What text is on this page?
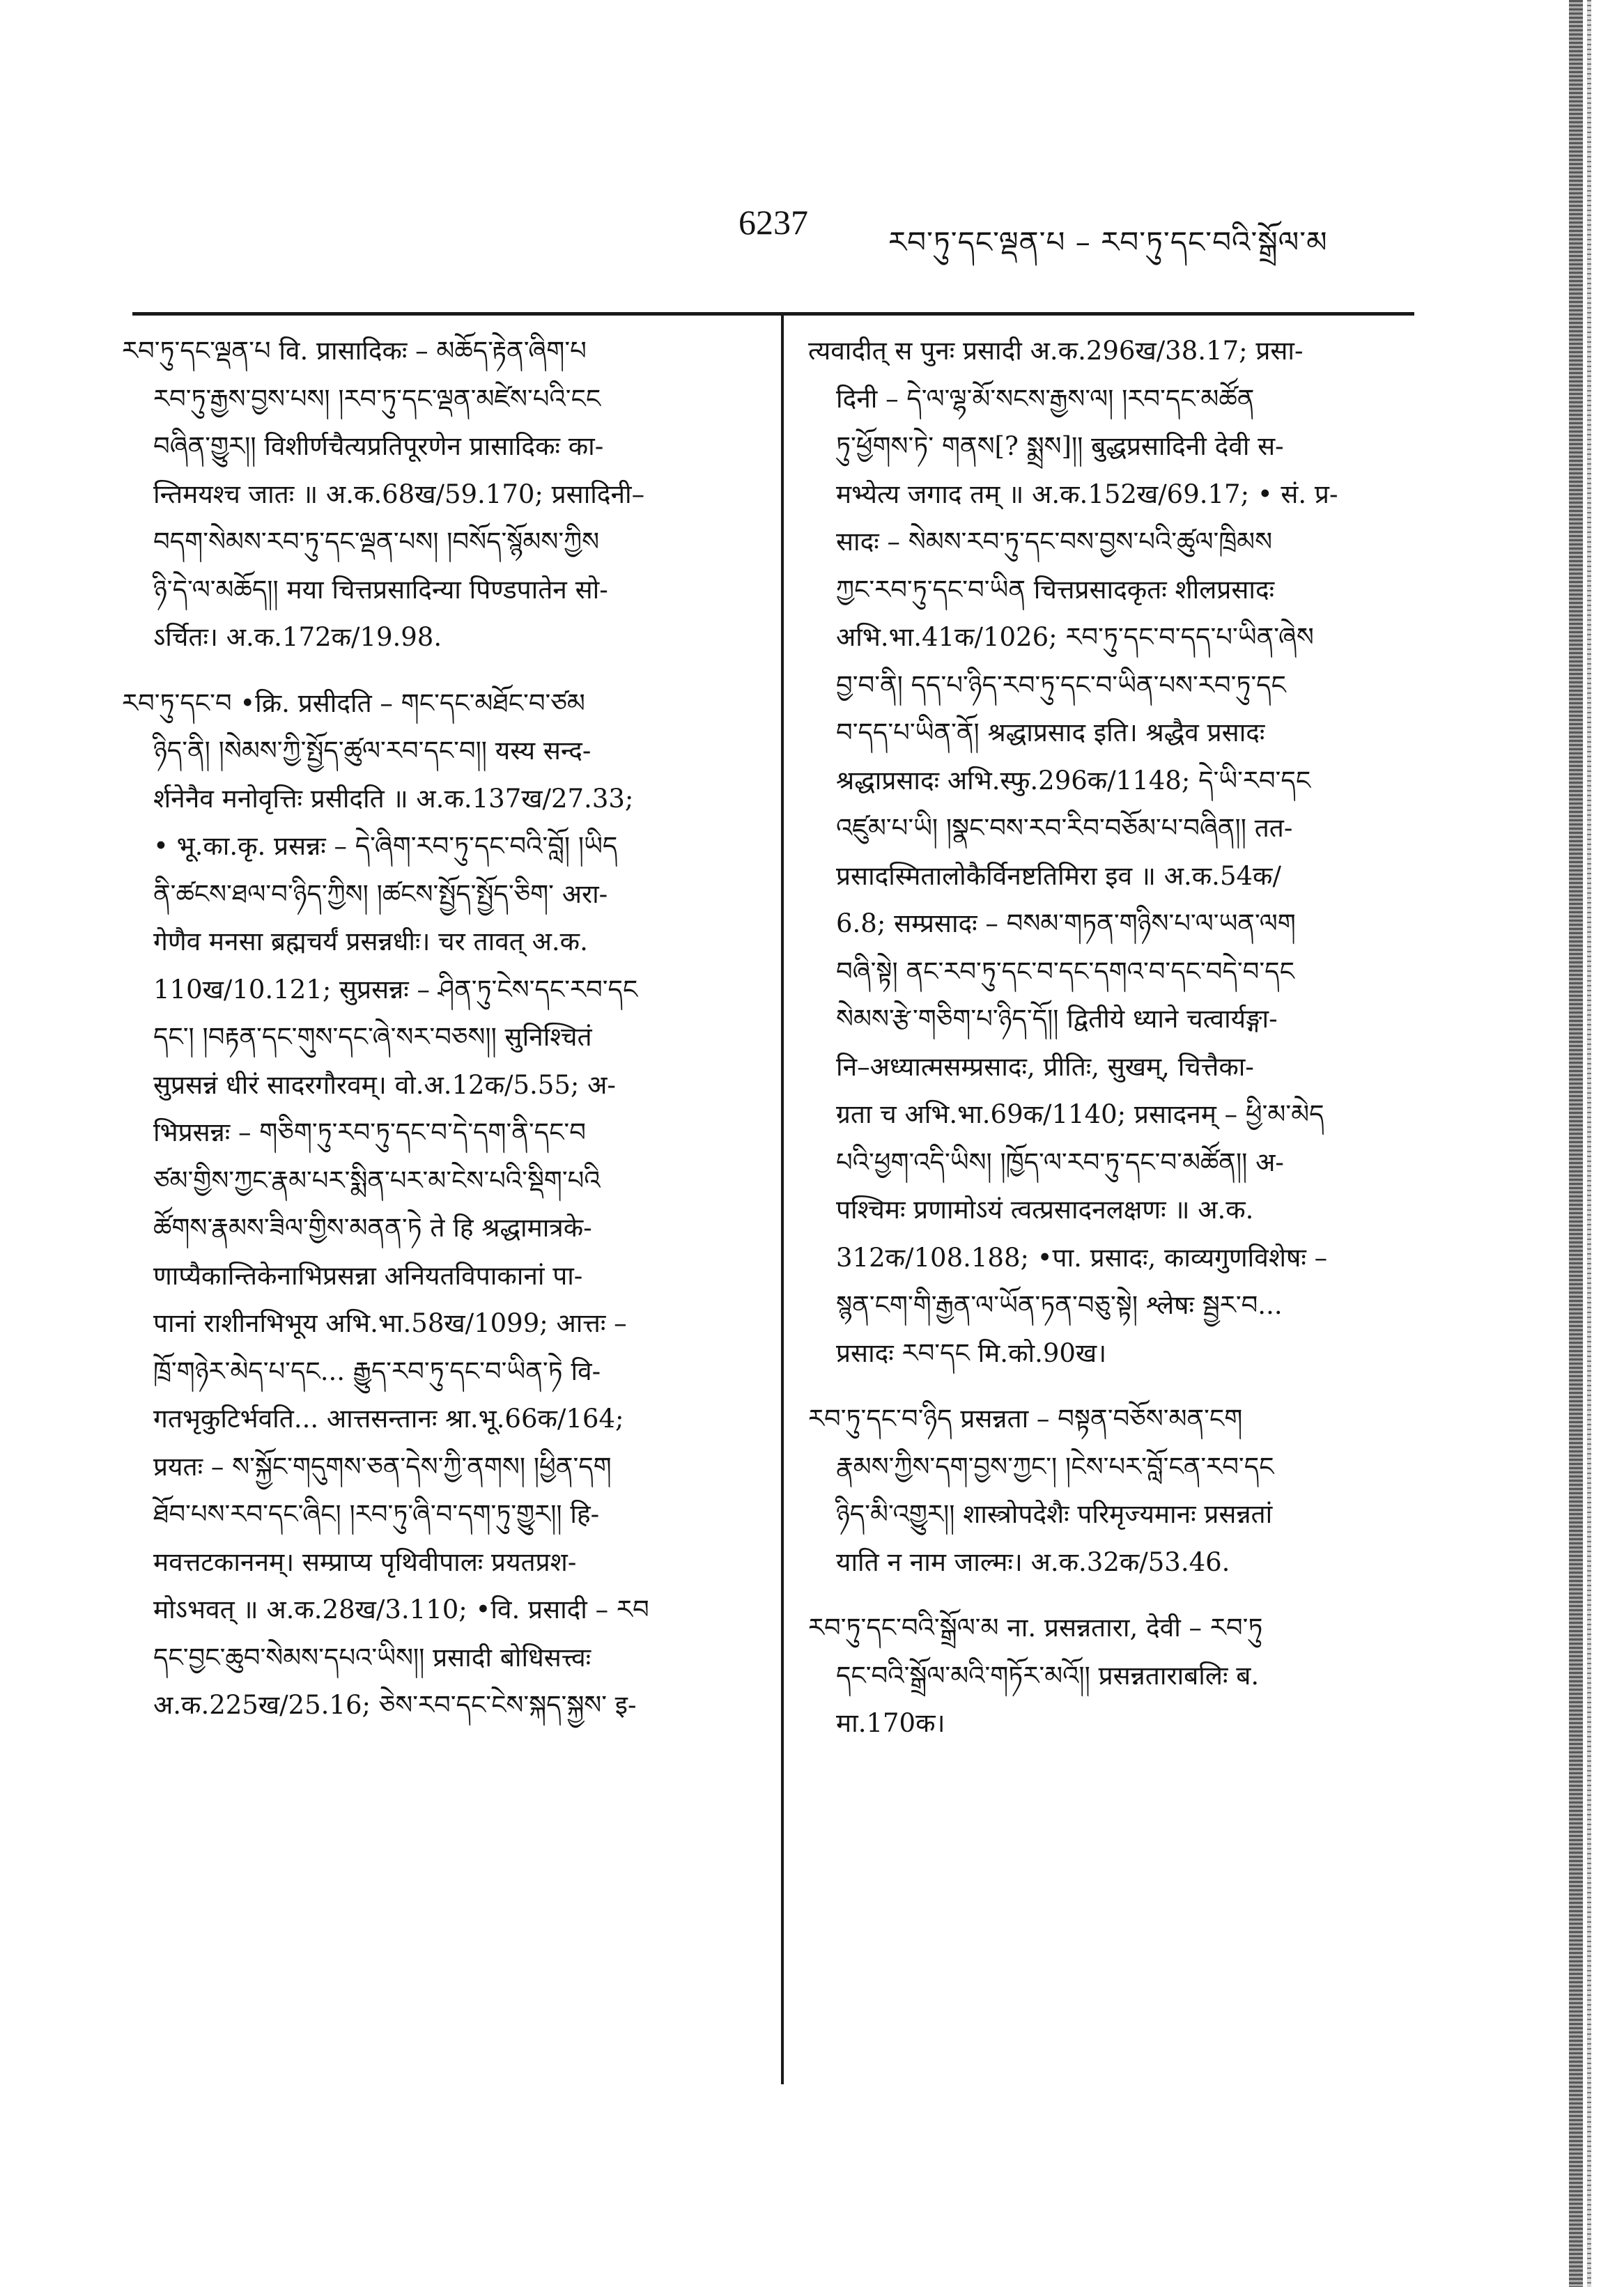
6237
རབ་ཏུ་དང་ལྡན་པ – རབ་ཏུ་དང་བའི་སྒྲོལ་མ
རབ་ཏུ་དང་ལྡན་པ वि. प्रासादिकः – མཆོད་རྟེན་ཞིག་པ
རབ་ཏུ་རྒྱས་བྱས་པས། །རབ་ཏུ་དང་ལྡན་མཛེས་པའི་ངང
བཞིན་གྱུར།། विशीर्णचैत्यप्रतिपूरणेन प्रासादिकः का-
न्तिमयश्च जातः ॥ अ.क.68ख/59.170; प्रसादिनी–
བདག་སེམས་རབ་ཏུ་དང་ལྡན་པས། །བསོད་སྙོམས་ཀྱིས
ཉི་དེ་ལ་མཆོད།། मया चित्तप्रसादिन्या पिण्डपातेन सो-
ऽर्चितः। अ.क.172क/19.98.
རབ་ཏུ་དང་བ •क्रि. प्रसीदति – གང་དང་མཐོང་བ་ཙམ
ཉིད་ནི། །སེམས་ཀྱི་སྤྱོད་ཚུལ་རབ་དང་བ།། यस्य सन्द-
र्शनेनैव मनोवृत्तिः प्रसीदति ॥ अ.क.137ख/27.33;
• भू.का.कृ. प्रसन्नः – དེ་ཞིག་རབ་ཏུ་དང་བའི་བློ། །ཡིད
ནི་ཚངས་ཐལ་བ་ཉིད་ཀྱིས། །ཚངས་སྤྱོད་སྤྱོད་ཅིག་ अरा-
गेणैव मनसा ब्रह्मचर्यं प्रसन्नधीः। चर तावत् अ.क.
110ख/10.121; सुप्रसन्नः – ཤིན་ཏུ་ངེས་དང་རབ་དང
དང་། །བརྟན་དང་གུས་དང་ཞེ་སར་བཅས།། सुनिश्चितं
सुप्रसन्नं धीरं सादरगौरवम्। वो.अ.12क/5.55; अ-
भिप्रसन्नः – གཅིག་ཏུ་རབ་ཏུ་དང་བ་དེ་དག་ནི་དང་བ
ཙམ་གྱིས་ཀྱང་རྣམ་པར་སྨིན་པར་མ་ངེས་པའི་སྡིག་པའི
ཚོགས་རྣམས་ཟིལ་གྱིས་མནན་ཏེ ते हि श्रद्धामात्रके-
णाप्यैकान्तिकेनाभिप्रसन्ना अनियतविपाकानां पा-
पानां राशीनभिभूय अभि.भा.58ख/1099; आत्तः –
ཁྲོ་གཉེར་མེད་པ་དང... རྒྱུད་རབ་ཏུ་དང་བ་ཡིན་ཏེ वि-
गतभृकुटिर्भवति... आत्तसन्तानः श्रा.भू.66क/164;
प्रयतः – ས་སྐྱོང་གདུགས་ཅན་དེས་ཀྱི་ནགས། །ཕྱིན་དག
ཐོབ་པས་རབ་དང་ཞིང། །རབ་ཏུ་ཞི་བ་དག་ཏུ་གྱུར།། हि-
मवत्तटकाननम्। सम्प्राप्य पृथिवीपालः प्रयतप्रश-
मोऽभवत् ॥ अ.क.28ख/3.110; •वि. प्रसादी – རབ
དང་བྱང་ཆུབ་སེམས་དཔའ་ཡིས།། प्रसादी बोधिसत्त्वः
अ.क.225ख/25.16; ཅེས་རབ་དང་ངེས་སྐད་སྐྱས་ इ-
त्यवादीत् स पुनः प्रसादी अ.क.296ख/38.17; प्रसा-
दिनी – དེ་ལ་ལྷ་མོ་སངས་རྒྱས་ལ། །རབ་དང་མཚོན
ཏུ་ཕྱོགས་ཏེ་ གནས[? སྨྲས]།། बुद्धप्रसादिनी देवी स-
मभ्येत्य जगाद तम् ॥ अ.क.152ख/69.17; • सं. प्र-
सादः – སེམས་རབ་ཏུ་དང་བས་བྱས་པའི་ཚུལ་ཁྲིམས
ཀྱང་རབ་ཏུ་དང་བ་ཡིན चित्तप्रसादकृतः शीलप्रसादः
अभि.भा.41क/1026; རབ་ཏུ་དང་བ་དད་པ་ཡིན་ཞེས
བྱ་བ་ནི། དད་པ་ཉིད་རབ་ཏུ་དང་བ་ཡིན་པས་རབ་ཏུ་དང
བ་དད་པ་ཡིན་ནོ། श्रद्धाप्रसाद इति। श्रद्धैव प्रसादः
श्रद्धाप्रसादः अभि.स्फु.296क/1148; དེ་ཡི་རབ་དང
འཛུམ་པ་ཡི། །སྣང་བས་རབ་རིབ་བཅོམ་པ་བཞིན།། तत-
प्रसादस्मितालोकैर्विनष्टतिमिरा इव ॥ अ.क.54क/
6.8; सम्प्रसादः – བསམ་གཏན་གཉིས་པ་ལ་ཡན་ལག
བཞི་སྟེ། ནང་རབ་ཏུ་དང་བ་དང་དགའ་བ་དང་བདེ་བ་དང
སེམས་རྩེ་གཅིག་པ་ཉིད་དོ།། द्वितीये ध्याने चत्वार्यङ्गा-
नि–अध्यात्मसम्प्रसादः, प्रीतिः, सुखम्, चित्तैका-
ग्रता च अभि.भा.69क/1140; प्रसादनम् – ཕྱི་མ་མེད
པའི་ཕྱག་འདི་ཡིས། །ཁྱོད་ལ་རབ་ཏུ་དང་བ་མཚོན།། अ-
पश्चिमः प्रणामोऽयं त्वत्प्रसादनलक्षणः ॥ अ.क.
312क/108.188; •पा. प्रसादः, काव्यगुणविशेषः –
སྙན་ངག་གི་རྒྱན་ལ་ཡོན་ཏན་བཅུ་སྟེ། श्लेषः སྦྱར་བ...
प्रसादः རབ་དང मि.को.90ख।
རབ་ཏུ་དང་བ་ཉིད प्रसन्नता – བསྟན་བཅོས་མན་ངག
རྣམས་ཀྱིས་དག་བྱས་ཀྱང་། །ངེས་པར་བློ་ངན་རབ་དང
ཉིད་མི་འགྱུར།། शास्त्रोपदेशैः परिमृज्यमानः प्रसन्नतां
याति न नाम जाल्मः। अ.क.32क/53.46.
རབ་ཏུ་དང་བའི་སྒྲོལ་མ ना. प्रसन्नतारा, देवी – རབ་ཏུ
དང་བའི་སྒྲོལ་མའི་གཏོར་མའོ།། प्रसन्नताराबलिः ब.
मा.170क।
